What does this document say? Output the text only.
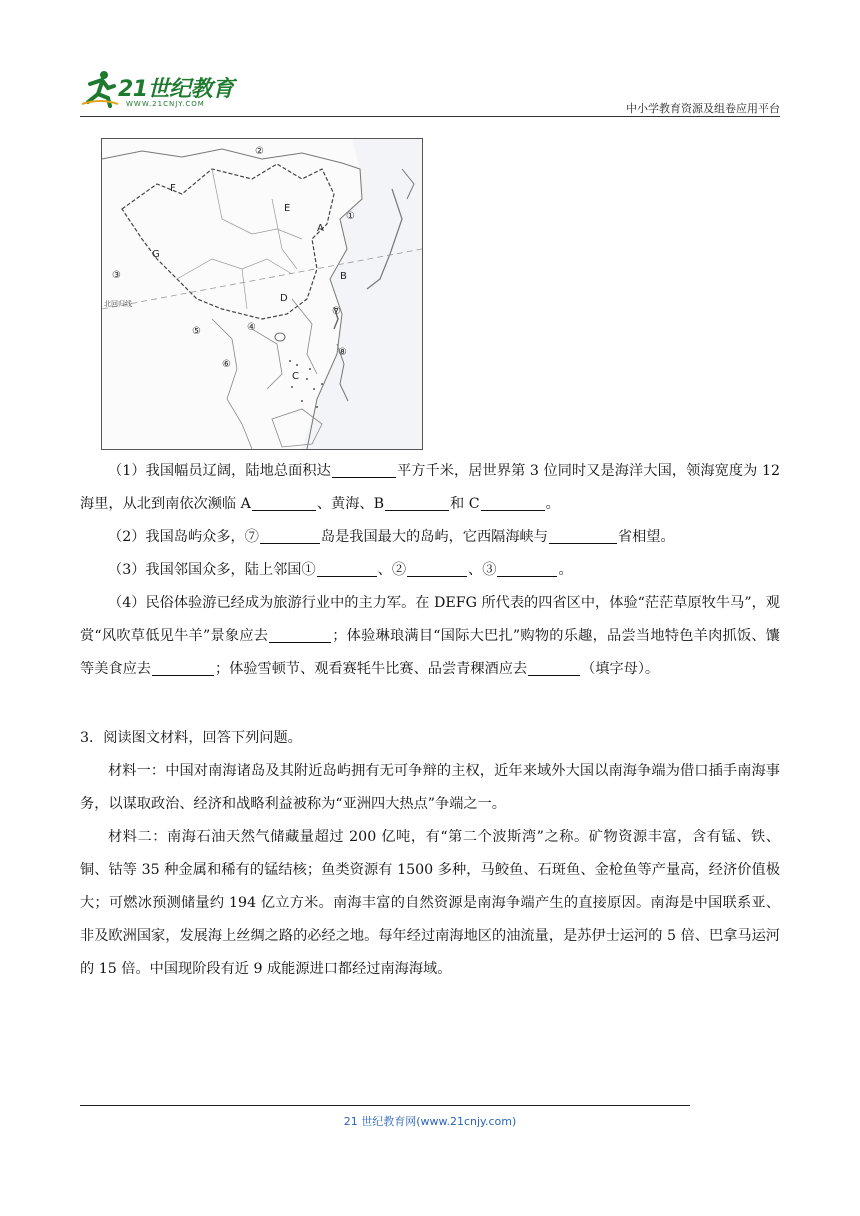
21世纪教育
WWW.21CNJY.COM	中小学教育资源及组卷应用平台
F
E
A
G
B
D
C
①
②
③
④
⑤
⑥
⑦
⑧
北回归线

（1）我国幅员辽阔，陆地总面积达	平方千米，居世界第 3 位同时又是海洋大国，领海宽度为 12 海里，从北到南依次濒临 A	、黄海、B	和 C	。

（2）我国岛屿众多，⑦	岛是我国最大的岛屿，它西隔海峡与	省相望。

（3）我国邻国众多，陆上邻国①	、②	、③	。

（4）民俗体验游已经成为旅游行业中的主力军。在 DEFG 所代表的四省区中，体验“茫茫草原牧牛马”，观赏“风吹草低见牛羊”景象应去	；体验琳琅满目“国际大巴扎”购物的乐趣，品尝当地特色羊肉抓饭、馕等美食应去	；体验雪顿节、观看赛牦牛比赛、品尝青稞酒应去	（填字母）。

3．阅读图文材料，回答下列问题。

材料一：中国对南海诸岛及其附近岛屿拥有无可争辩的主权，近年来域外大国以南海争端为借口插手南海事务，以谋取政治、经济和战略利益被称为“亚洲四大热点”争端之一。

材料二：南海石油天然气储藏量超过 200 亿吨，有“第二个波斯湾”之称。矿物资源丰富，含有锰、铁、铜、钴等 35 种金属和稀有的锰结核；鱼类资源有 1500 多种，马鲛鱼、石斑鱼、金枪鱼等产量高，经济价值极大；可燃冰预测储量约 194 亿立方米。南海丰富的自然资源是南海争端产生的直接原因。南海是中国联系亚、非及欧洲国家，发展海上丝绸之路的必经之地。每年经过南海地区的油流量，是苏伊士运河的 5 倍、巴拿马运河的 15 倍。中国现阶段有近 9 成能源进口都经过南海海域。

21 世纪教育网(www.21cnjy.com)
